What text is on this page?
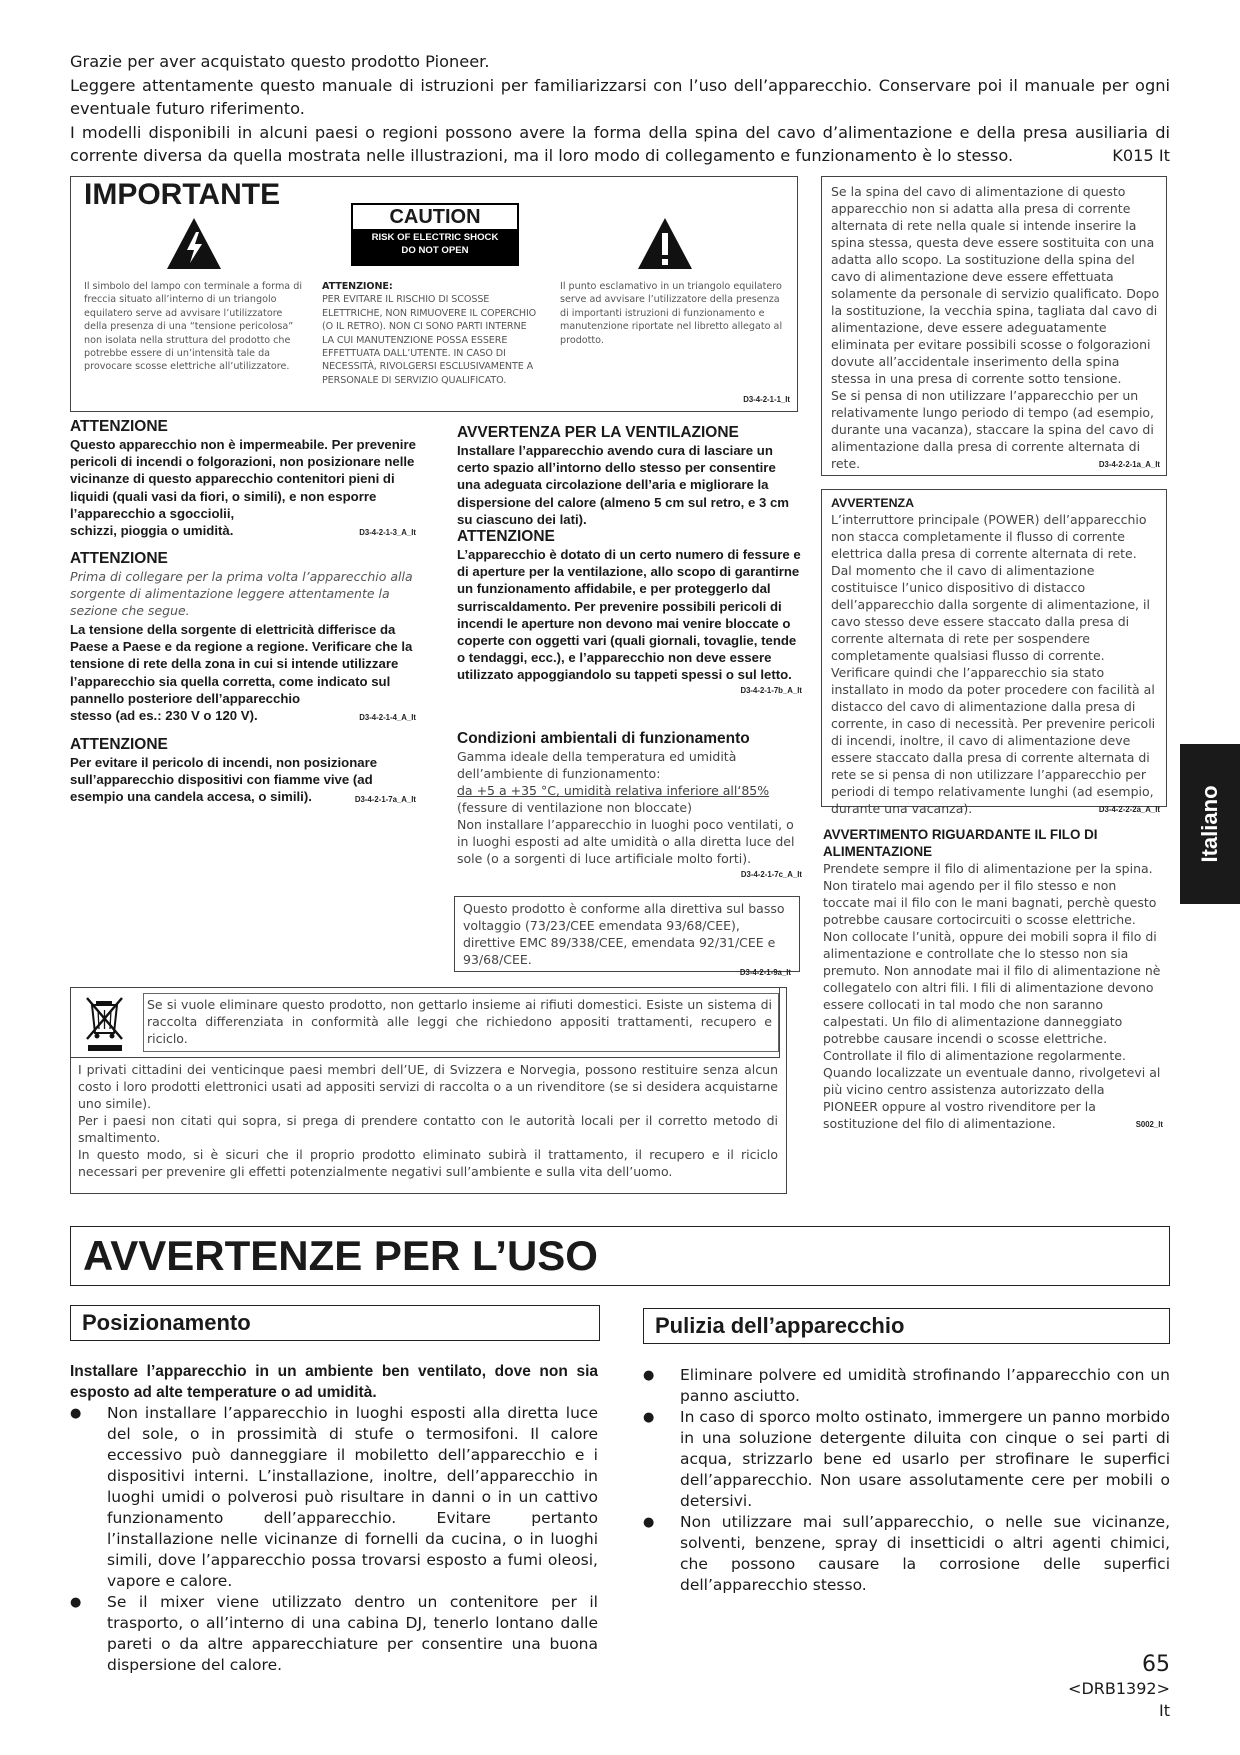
Grazie per aver acquistato questo prodotto Pioneer.

Leggere attentamente questo manuale di istruzioni per familiarizzarsi con l’uso dell’apparecchio. Conservare poi il manuale per ogni eventuale futuro riferimento.

I modelli disponibili in alcuni paesi o regioni possono avere la forma della spina del cavo d’alimentazione e della presa ausiliaria di corrente diversa da quella mostrata nelle illustrazioni, ma il loro modo di collegamento e funzionamento è lo stesso.	K015 It

IMPORTANTE
CAUTION
RISK OF ELECTRIC SHOCK
DO NOT OPEN
Il simbolo del lampo con terminale a forma di freccia situato all’interno di un triangolo equilatero serve ad avvisare l’utilizzatore della presenza di una “tensione pericolosa” non isolata nella struttura del prodotto che potrebbe essere di un’intensità tale da provocare scosse elettriche all’utilizzatore.
ATTENZIONE:
PER EVITARE IL RISCHIO DI SCOSSE ELETTRICHE, NON RIMUOVERE IL COPERCHIO (O IL RETRO). NON CI SONO PARTI INTERNE LA CUI MANUTENZIONE POSSA ESSERE EFFETTUATA DALL’UTENTE. IN CASO DI NECESSITÀ, RIVOLGERSI ESCLUSIVAMENTE A PERSONALE DI SERVIZIO QUALIFICATO.
Il punto esclamativo in un triangolo equilatero serve ad avvisare l’utilizzatore della presenza di importanti istruzioni di funzionamento e manutenzione riportate nel libretto allegato al prodotto.
D3-4-2-1-1_It
Se la spina del cavo di alimentazione di questo apparecchio non si adatta alla presa di corrente alternata di rete nella quale si intende inserire la spina stessa, questa deve essere sostituita con una adatta allo scopo. La sostituzione della spina del cavo di alimentazione deve essere effettuata solamente da personale di servizio qualificato. Dopo la sostituzione, la vecchia spina, tagliata dal cavo di alimentazione, deve essere adeguatamente eliminata per evitare possibili scosse o folgorazioni dovute all’accidentale inserimento della spina stessa in una presa di corrente sotto tensione.
Se si pensa di non utilizzare l’apparecchio per un relativamente lungo periodo di tempo (ad esempio, durante una vacanza), staccare la spina del cavo di alimentazione dalla presa di corrente alternata di
rete.	D3-4-2-2-1a_A_It
AVVERTENZA
L’interruttore principale (POWER) dell’apparecchio non stacca completamente il flusso di corrente elettrica dalla presa di corrente alternata di rete. Dal momento che il cavo di alimentazione costituisce l’unico dispositivo di distacco dell’apparecchio dalla sorgente di alimentazione, il cavo stesso deve essere staccato dalla presa di corrente alternata di rete per sospendere completamente qualsiasi flusso di corrente. Verificare quindi che l’apparecchio sia stato installato in modo da poter procedere con facilità al distacco del cavo di alimentazione dalla presa di corrente, in caso di necessità. Per prevenire pericoli di incendi, inoltre, il cavo di alimentazione deve essere staccato dalla presa di corrente alternata di rete se si pensa di non utilizzare l’apparecchio per periodi di tempo relativamente lunghi (ad esempio,
durante una vacanza).	D3-4-2-2-2a_A_It
AVVERTIMENTO RIGUARDANTE IL FILO DI ALIMENTAZIONE
Prendete sempre il filo di alimentazione per la spina. Non tiratelo mai agendo per il filo stesso e non toccate mai il filo con le mani bagnati, perchè questo potrebbe causare cortocircuiti o scosse elettriche. Non collocate l’unità, oppure dei mobili sopra il filo di alimentazione e controllate che lo stesso non sia premuto. Non annodate mai il filo di alimentazione nè collegatelo con altri fili. I fili di alimentazione devono essere collocati in tal modo che non saranno calpestati. Un filo di alimentazione danneggiato potrebbe causare incendi o scosse elettriche. Controllate il filo di alimentazione regolarmente. Quando localizzate un eventuale danno, rivolgetevi al più vicino centro assistenza autorizzato della PIONEER oppure al vostro rivenditore per la
sostituzione del filo di alimentazione.	S002_It
ATTENZIONE
Questo apparecchio non è impermeabile. Per prevenire pericoli di incendi o folgorazioni, non posizionare nelle vicinanze di questo apparecchio contenitori pieni di liquidi (quali vasi da fiori, o simili), e non esporre l’apparecchio a sgocciolii,
schizzi, pioggia o umidità.	D3-4-2-1-3_A_It
ATTENZIONE
Prima di collegare per la prima volta l’apparecchio alla sorgente di alimentazione leggere attentamente la sezione che segue.
La tensione della sorgente di elettricità differisce da Paese a Paese e da regione a regione. Verificare che la tensione di rete della zona in cui si intende utilizzare l’apparecchio sia quella corretta, come indicato sul pannello posteriore dell’apparecchio
stesso (ad es.: 230 V o 120 V).	D3-4-2-1-4_A_It
ATTENZIONE
Per evitare il pericolo di incendi, non posizionare sull’apparecchio dispositivi con fiamme vive (ad
esempio una candela accesa, o simili).	D3-4-2-1-7a_A_It
AVVERTENZA PER LA VENTILAZIONE
Installare l’apparecchio avendo cura di lasciare un certo spazio all’intorno dello stesso per consentire una adeguata circolazione dell’aria e migliorare la dispersione del calore (almeno 5 cm sul retro, e 3 cm su ciascuno dei lati).
ATTENZIONE
L’apparecchio è dotato di un certo numero di fessure e di aperture per la ventilazione, allo scopo di garantirne un funzionamento affidabile, e per proteggerlo dal surriscaldamento. Per prevenire possibili pericoli di incendi le aperture non devono mai venire bloccate o coperte con oggetti vari (quali giornali, tovaglie, tende o tendaggi, ecc.), e l’apparecchio non deve essere utilizzato appoggiandolo su tappeti spessi o sul letto.
D3-4-2-1-7b_A_It
Condizioni ambientali di funzionamento
Gamma ideale della temperatura ed umidità dell’ambiente di funzionamento:
da +5 a +35 °C, umidità relativa inferiore all‘85%
(fessure di ventilazione non bloccate)
Non installare l’apparecchio in luoghi poco ventilati, o in luoghi esposti ad alte umidità o alla diretta luce del sole (o a sorgenti di luce artificiale molto forti).
D3-4-2-1-7c_A_It
Questo prodotto è conforme alla direttiva sul basso voltaggio (73/23/CEE emendata 93/68/CEE), direttive EMC 89/338/CEE, emendata 92/31/CEE e 93/68/CEE.
D3-4-2-1-9a_It
Se si vuole eliminare questo prodotto, non gettarlo insieme ai rifiuti domestici. Esiste un sistema di raccolta differenziata in conformità alle leggi che richiedono appositi trattamenti, recupero e riciclo.
I privati cittadini dei venticinque paesi membri dell’UE, di Svizzera e Norvegia, possono restituire senza alcun costo i loro prodotti elettronici usati ad appositi servizi di raccolta o a un rivenditore (se si desidera acquistarne uno simile).
Per i paesi non citati qui sopra, si prega di prendere contatto con le autorità locali per il corretto metodo di smaltimento.
In questo modo, si è sicuri che il proprio prodotto eliminato subirà il trattamento, il recupero e il riciclo necessari per prevenire gli effetti potenzialmente negativi sull’ambiente e sulla vita dell’uomo.
Italiano
AVVERTENZE PER L’USO
Posizionamento
Installare l’apparecchio in un ambiente ben ventilato, dove non sia esposto ad alte temperature o ad umidità.
● Non installare l’apparecchio in luoghi esposti alla diretta luce del sole, o in prossimità di stufe o termosifoni. Il calore eccessivo può danneggiare il mobiletto dell’apparecchio e i dispositivi interni. L’installazione, inoltre, dell’apparecchio in luoghi umidi o polverosi può risultare in danni o in un cattivo funzionamento dell’apparecchio. Evitare pertanto l’installazione nelle vicinanze di fornelli da cucina, o in luoghi simili, dove l’apparecchio possa trovarsi esposto a fumi oleosi, vapore e calore.
● Se il mixer viene utilizzato dentro un contenitore per il trasporto, o all’interno di una cabina DJ, tenerlo lontano dalle pareti o da altre apparecchiature per consentire una buona dispersione del calore.
Pulizia dell’apparecchio
● Eliminare polvere ed umidità strofinando l’apparecchio con un panno asciutto.
● In caso di sporco molto ostinato, immergere un panno morbido in una soluzione detergente diluita con cinque o sei parti di acqua, strizzarlo bene ed usarlo per strofinare le superfici dell’apparecchio. Non usare assolutamente cere per mobili o detersivi.
● Non utilizzare mai sull’apparecchio, o nelle sue vicinanze, solventi, benzene, spray di insetticidi o altri agenti chimici, che possono causare la corrosione delle superfici dell’apparecchio stesso.
65
<DRB1392>
It
